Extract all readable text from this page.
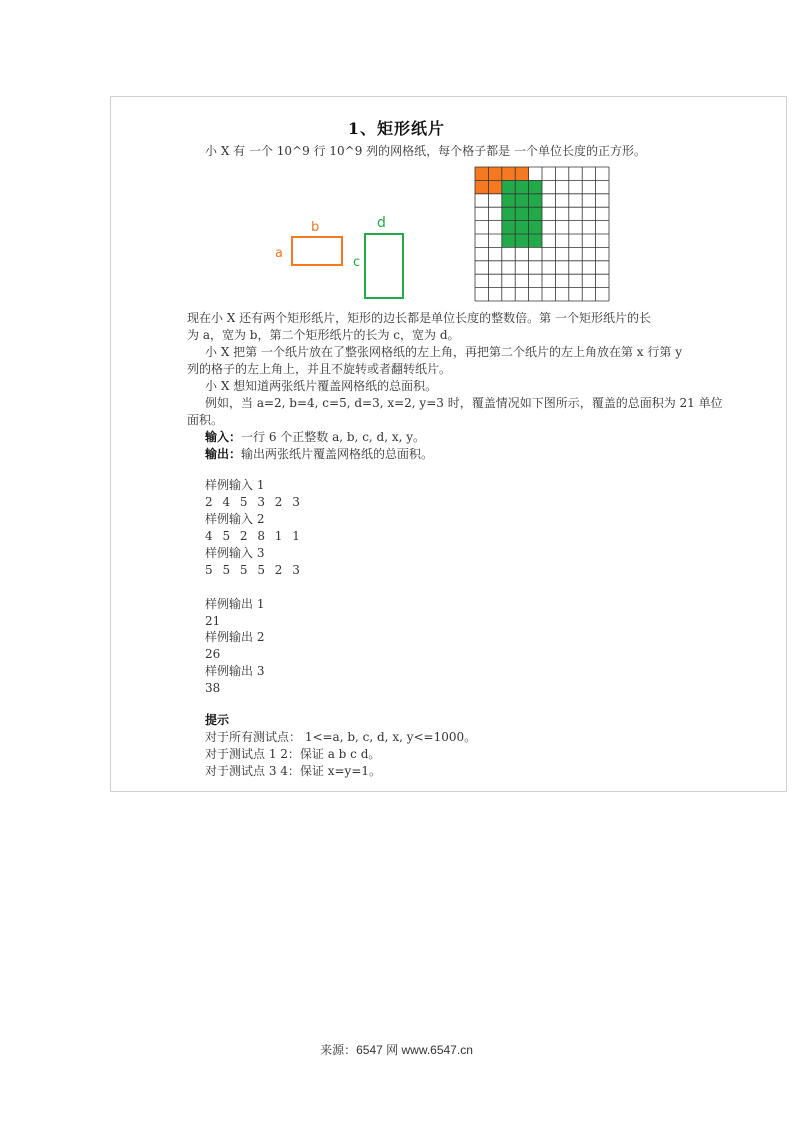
1、矩形纸片
小 X 有 一个 10^9 行 10^9 列的网格纸，每个格子都是 一个单位长度的正方形。
a
b
c
d
现在小 X 还有两个矩形纸片，矩形的边长都是单位长度的整数倍。第 一个矩形纸片的长
为 a，宽为 b，第二个矩形纸片的长为 c，宽为 d。
小 X 把第 一个纸片放在了整张网格纸的左上角，再把第二个纸片的左上角放在第 x 行第 y
列的格子的左上角上，并且不旋转或者翻转纸片。
小 X 想知道两张纸片覆盖网格纸的总面积。
例如，当 a=2, b=4, c=5, d=3, x=2, y=3 时，覆盖情况如下图所示，覆盖的总面积为 21 单位
面积。
输入：一行 6 个正整数 a, b, c, d, x, y。
输出：输出两张纸片覆盖网格纸的总面积。
样例输入 1
2 4 5 3 2 3
样例输入 2
4 5 2 8 1 1
样例输入 3
5 5 5 5 2 3
样例输出 1
21
样例输出 2
26
样例输出 3
38
提示
对于所有测试点： 1<=a, b, c, d, x, y<=1000。
对于测试点 1 2：保证 a b c d。
对于测试点 3 4：保证 x=y=1。
来源：6547 网 www.6547.cn
